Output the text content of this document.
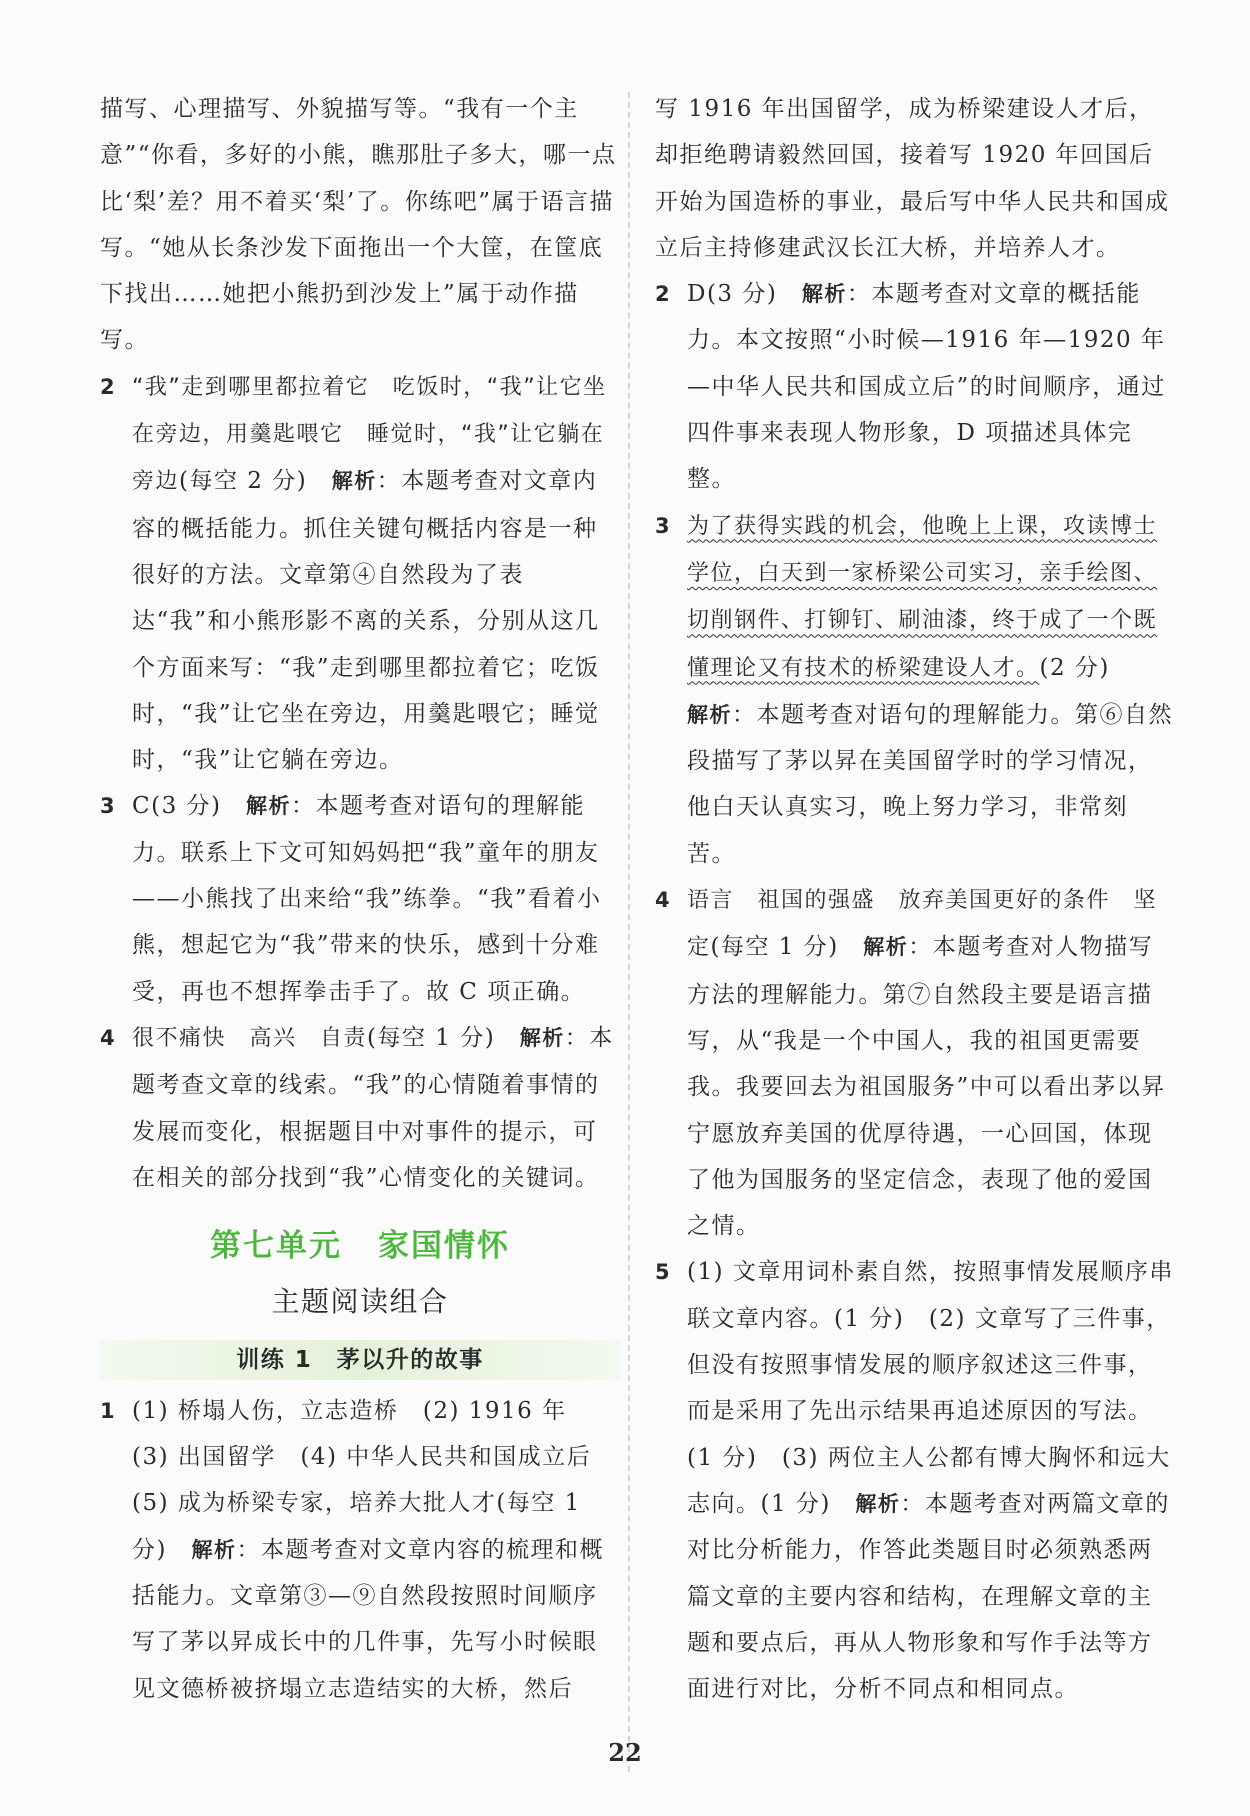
描写、心理描写、外貌描写等。“我有一个主意”“你看，多好的小熊，瞧那肚子多大，哪一点比‘梨’差？用不着买‘梨’了。你练吧”属于语言描写。“她从长条沙发下面拖出一个大筐，在筐底下找出……她把小熊扔到沙发上”属于动作描写。

2 “我”走到哪里都拉着它　吃饭时，“我”让它坐在旁边，用羹匙喂它　睡觉时，“我”让它躺在旁边(每空 2 分)　 解析：本题考查对文章内容的概括能力。抓住关键句概括内容是一种很好的方法。文章第④自然段为了表达“我”和小熊形影不离的关系，分别从这几个方面来写：“我”走到哪里都拉着它；吃饭时，“我”让它坐在旁边，用羹匙喂它；睡觉时，“我”让它躺在旁边。
3 C(3 分)　 解析：本题考查对语句的理解能力。联系上下文可知妈妈把“我”童年的朋友——小熊找了出来给“我”练拳。“我”看着小熊，想起它为“我”带来的快乐，感到十分难受，再也不想挥拳击手了。故 C 项正确。
4 很不痛快　高兴　自责(每空 1 分)　 解析：本题考查文章的线索。“我”的心情随着事情的发展而变化，根据题目中对事件的提示，可在相关的部分找到“我”心情变化的关键词。
第七单元 家国情怀
主题阅读组合
训练 1　茅以升的故事
1 (1) 桥塌人伤，立志造桥　(2) 1916 年　(3) 出国留学　(4) 中华人民共和国成立后　(5) 成为桥梁专家，培养大批人才(每空 1 分)　 解析：本题考查对文章内容的梳理和概括能力。文章第③—⑨自然段按照时间顺序写了茅以昇成长中的几件事，先写小时候眼见文德桥被挤塌立志造结实的大桥，然后

写 1916 年出国留学，成为桥梁建设人才后，却拒绝聘请毅然回国，接着写 1920 年回国后开始为国造桥的事业，最后写中华人民共和国成立后主持修建武汉长江大桥，并培养人才。

2 D(3 分)　 解析：本题考查对文章的概括能力。本文按照“小时候—1916 年—1920 年—中华人民共和国成立后”的时间顺序，通过四件事来表现人物形象，D 项描述具体完整。
3 为了获得实践的机会，他晚上上课，攻读博士学位，白天到一家桥梁公司实习，亲手绘图、切削钢件、打铆钉、刷油漆，终于成了一个既懂理论又有技术的桥梁建设人才。(2 分)
解析：本题考查对语句的理解能力。第⑥自然段描写了茅以昇在美国留学时的学习情况，他白天认真实习，晚上努力学习，非常刻苦。
4 语言　祖国的强盛　放弃美国更好的条件　坚定(每空 1 分)　 解析：本题考查对人物描写方法的理解能力。第⑦自然段主要是语言描写，从“我是一个中国人，我的祖国更需要我。我要回去为祖国服务”中可以看出茅以昇宁愿放弃美国的优厚待遇，一心回国，体现了他为国服务的坚定信念，表现了他的爱国之情。
5 (1) 文章用词朴素自然，按照事情发展顺序串联文章内容。(1 分)　(2) 文章写了三件事，但没有按照事情发展的顺序叙述这三件事，而是采用了先出示结果再追述原因的写法。(1 分)　(3) 两位主人公都有博大胸怀和远大志向。(1 分)　 解析：本题考查对两篇文章的对比分析能力，作答此类题目时必须熟悉两篇文章的主要内容和结构，在理解文章的主题和要点后，再从人物形象和写作手法等方面进行对比，分析不同点和相同点。
22
